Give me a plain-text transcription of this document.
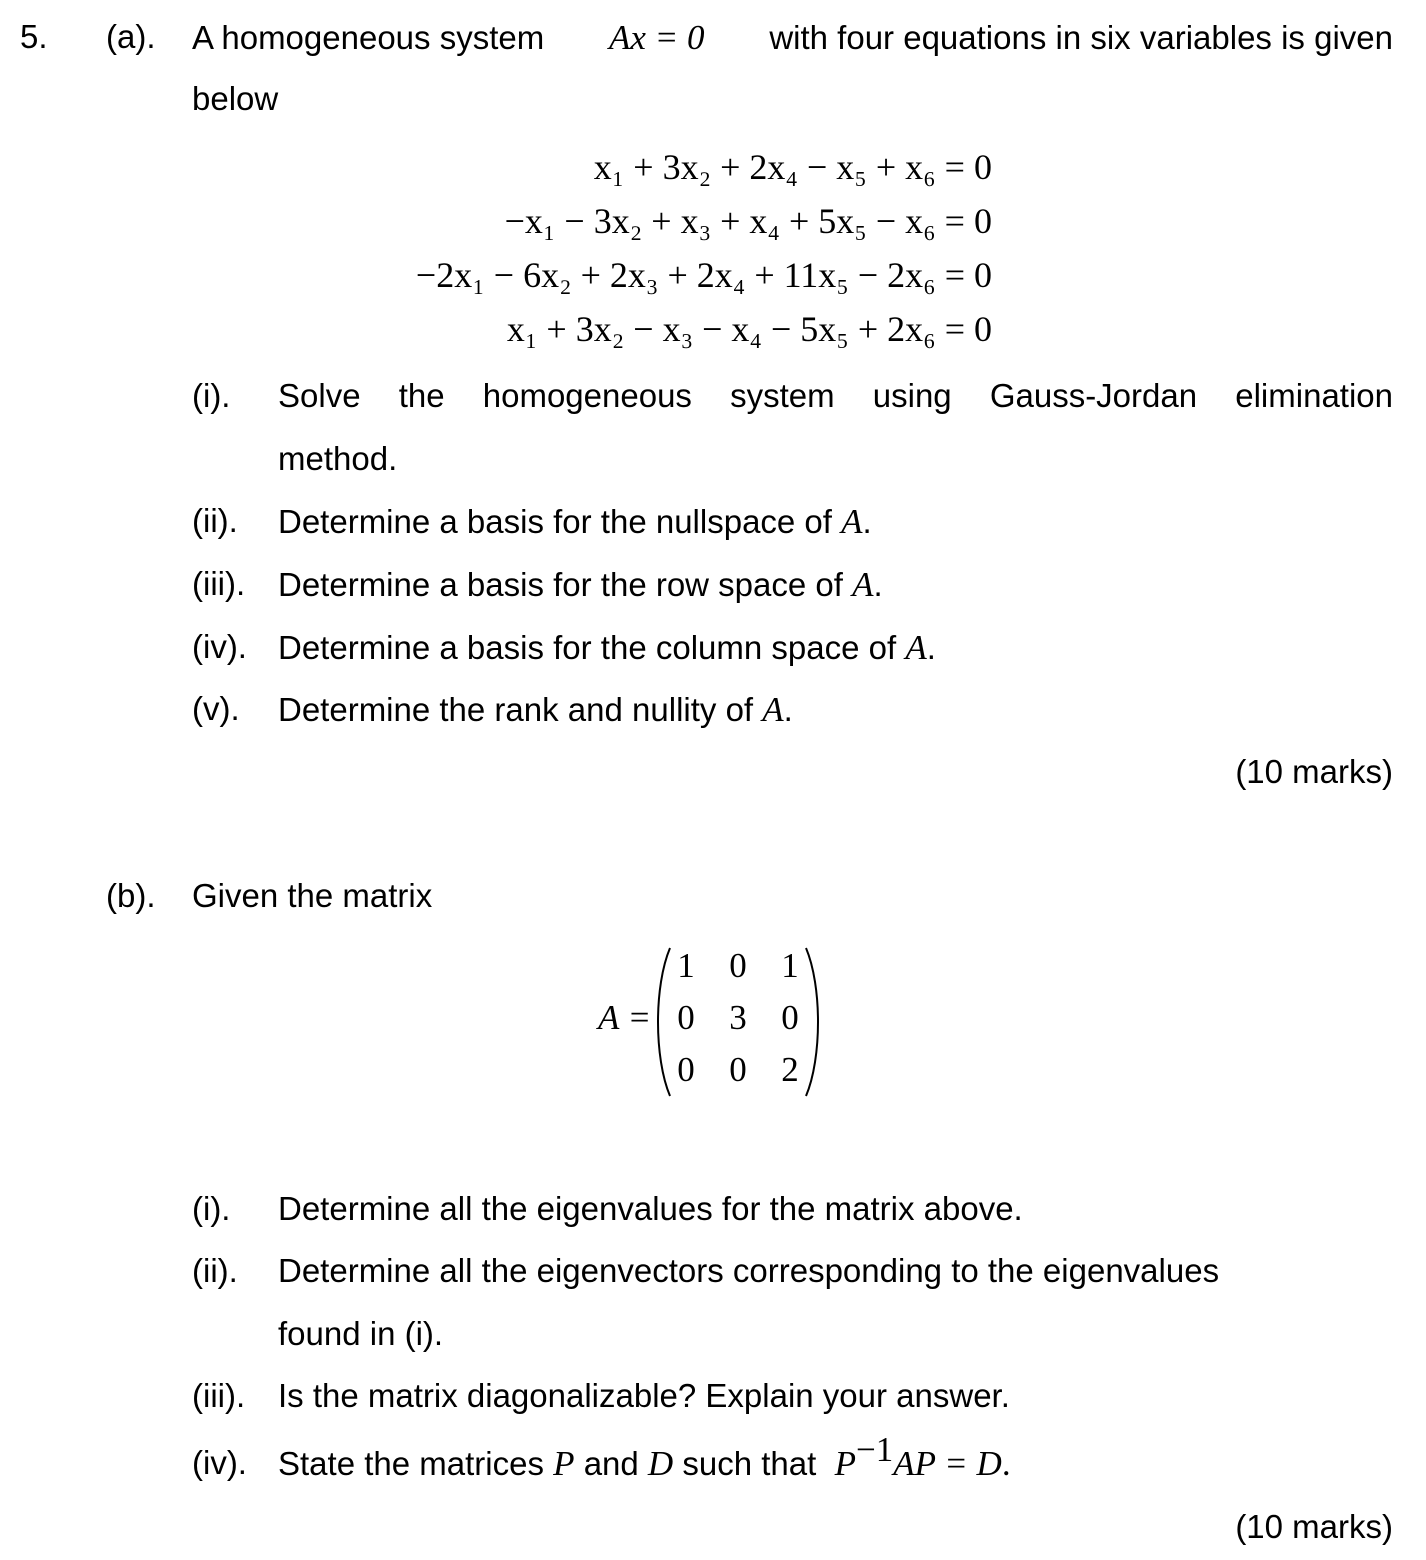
5. (a). A homogeneous system Ax = 0 with four equations in six variables is given
below
x₁ + 3x₂ + 2x₄ − x₅ + x₆ = 0
−x₁ − 3x₂ + x₃ + x₄ + 5x₅ − x₆ = 0
−2x₁ − 6x₂ + 2x₃ + 2x₄ + 11x₅ − 2x₆ = 0
x₁ + 3x₂ − x₃ − x₄ − 5x₅ + 2x₆ = 0
(i). Solve the homogeneous system using Gauss-Jordan elimination
method.
(ii). Determine a basis for the nullspace of A.
(iii). Determine a basis for the row space of A.
(iv). Determine a basis for the column space of A.
(v). Determine the rank and nullity of A.
(10 marks)
(b). Given the matrix
A =
1 0 1
0 3 0
0 0 2
(i). Determine all the eigenvalues for the matrix above.
(ii). Determine all the eigenvectors corresponding to the eigenvalues
found in (i).
(iii). Is the matrix diagonalizable? Explain your answer.
(iv). State the matrices P and D such that $P^{-1}AP = D$.
(10 marks)
